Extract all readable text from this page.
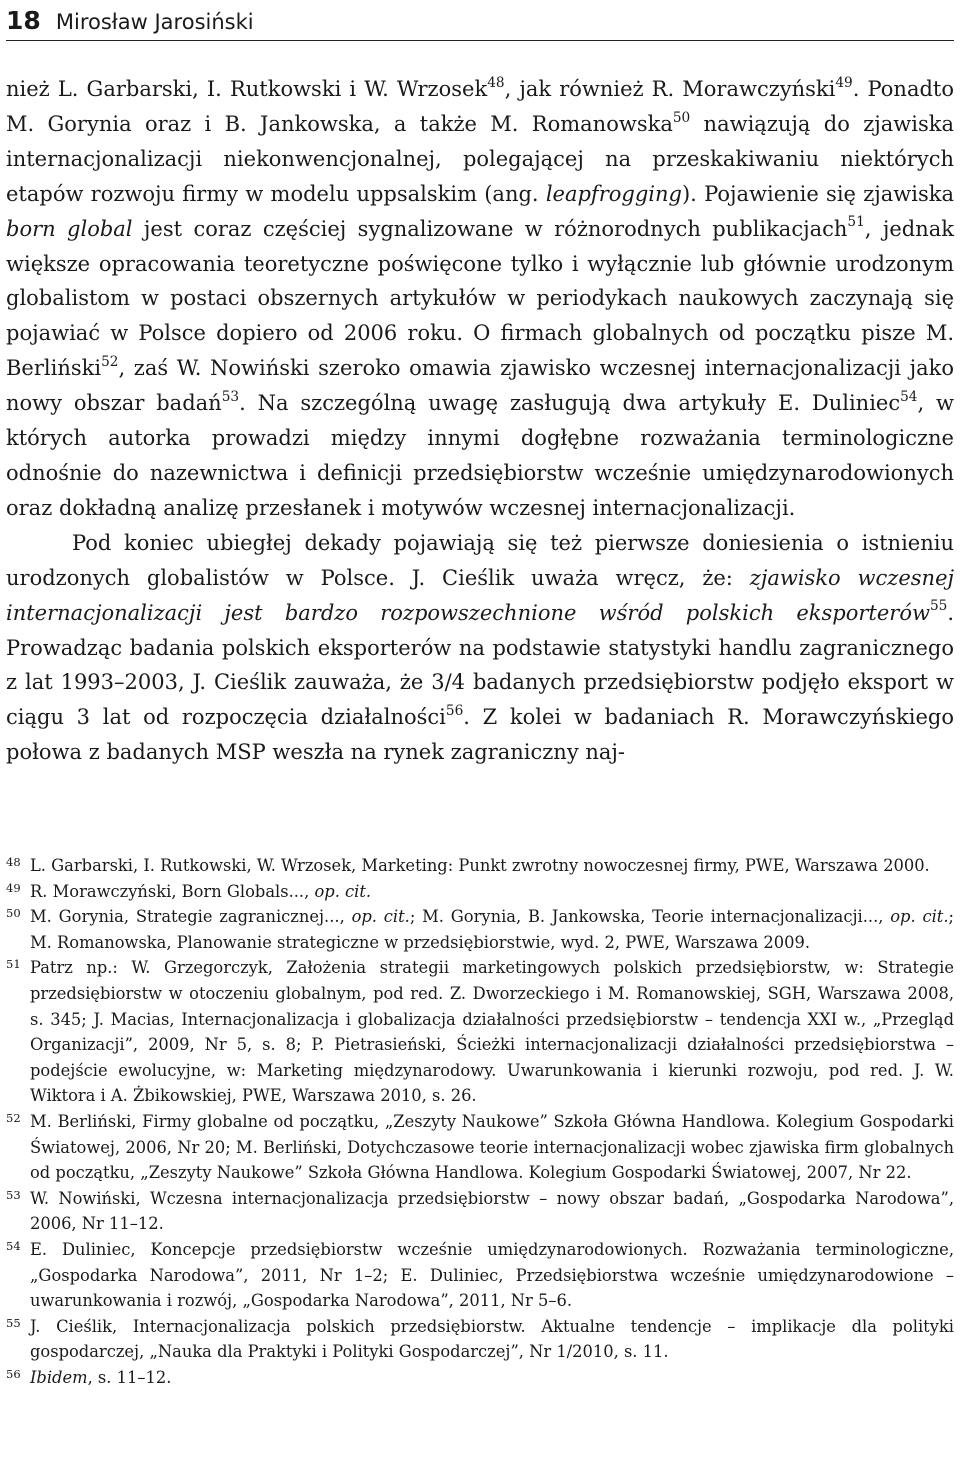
18 Mirosław Jarosiński

nież L. Garbarski, I. Rutkowski i W. Wrzosek$^{48}$, jak również R. Morawczyński$^{49}$. Ponadto M. Gorynia oraz i B. Jankowska, a także M. Romanowska$^{50}$ nawiązują do zjawiska internacjonalizacji niekonwencjonalnej, polegającej na przeskakiwaniu niektórych etapów rozwoju firmy w modelu uppsalskim (ang. leapfrogging). Pojawienie się zjawiska born global jest coraz częściej sygnalizowane w różnorodnych publikacjach$^{51}$, jednak większe opracowania teoretyczne poświęcone tylko i wyłącznie lub głównie urodzonym globalistom w postaci obszernych artykułów w periodykach naukowych zaczynają się pojawiać w Polsce dopiero od 2006 roku. O firmach globalnych od początku pisze M. Berliński$^{52}$, zaś W. Nowiński szeroko omawia zjawisko wczesnej internacjonalizacji jako nowy obszar badań$^{53}$. Na szczególną uwagę zasługują dwa artykuły E. Duliniec$^{54}$, w których autorka prowadzi między innymi dogłębne rozważania terminologiczne odnośnie do nazewnictwa i definicji przedsiębiorstw wcześnie umiędzynarodowionych oraz dokładną analizę przesłanek i motywów wczesnej internacjonalizacji.

Pod koniec ubiegłej dekady pojawiają się też pierwsze doniesienia o istnieniu urodzonych globalistów w Polsce. J. Cieślik uważa wręcz, że: zjawisko wczesnej internacjonalizacji jest bardzo rozpowszechnione wśród polskich eksporterów$^{55}$. Prowadząc badania polskich eksporterów na podstawie statystyki handlu zagranicznego z lat 1993–2003, J. Cieślik zauważa, że 3/4 badanych przedsiębiorstw podjęło eksport w ciągu 3 lat od rozpoczęcia działalności$^{56}$. Z kolei w badaniach R. Morawczyńskiego połowa z badanych MSP weszła na rynek zagraniczny naj-

48 L. Garbarski, I. Rutkowski, W. Wrzosek, Marketing: Punkt zwrotny nowoczesnej firmy, PWE, Warszawa 2000.
49 R. Morawczyński, Born Globals..., op. cit.
50 M. Gorynia, Strategie zagranicznej..., op. cit.; M. Gorynia, B. Jankowska, Teorie internacjonalizacji..., op. cit.; M. Romanowska, Planowanie strategiczne w przedsiębiorstwie, wyd. 2, PWE, Warszawa 2009.
51 Patrz np.: W. Grzegorczyk, Założenia strategii marketingowych polskich przedsiębiorstw, w: Strategie przedsiębiorstw w otoczeniu globalnym, pod red. Z. Dworzeckiego i M. Romanowskiej, SGH, Warszawa 2008, s. 345; J. Macias, Internacjonalizacja i globalizacja działalności przedsiębiorstw – tendencja XXI w., „Przegląd Organizacji”, 2009, Nr 5, s. 8; P. Pietrasieński, Ścieżki internacjonalizacji działalności przedsiębiorstwa – podejście ewolucyjne, w: Marketing międzynarodowy. Uwarunkowania i kierunki rozwoju, pod red. J. W. Wiktora i A. Żbikowskiej, PWE, Warszawa 2010, s. 26.
52 M. Berliński, Firmy globalne od początku, „Zeszyty Naukowe” Szkoła Główna Handlowa. Kolegium Gospodarki Światowej, 2006, Nr 20; M. Berliński, Dotychczasowe teorie internacjonalizacji wobec zjawiska firm globalnych od początku, „Zeszyty Naukowe” Szkoła Główna Handlowa. Kolegium Gospodarki Światowej, 2007, Nr 22.
53 W. Nowiński, Wczesna internacjonalizacja przedsiębiorstw – nowy obszar badań, „Gospodarka Narodowa”, 2006, Nr 11–12.
54 E. Duliniec, Koncepcje przedsiębiorstw wcześnie umiędzynarodowionych. Rozważania terminologiczne, „Gospodarka Narodowa”, 2011, Nr 1–2; E. Duliniec, Przedsiębiorstwa wcześnie umiędzynarodowione – uwarunkowania i rozwój, „Gospodarka Narodowa”, 2011, Nr 5–6.
55 J. Cieślik, Internacjonalizacja polskich przedsiębiorstw. Aktualne tendencje – implikacje dla polityki gospodarczej, „Nauka dla Praktyki i Polityki Gospodarczej”, Nr 1/2010, s. 11.
56 Ibidem, s. 11–12.
